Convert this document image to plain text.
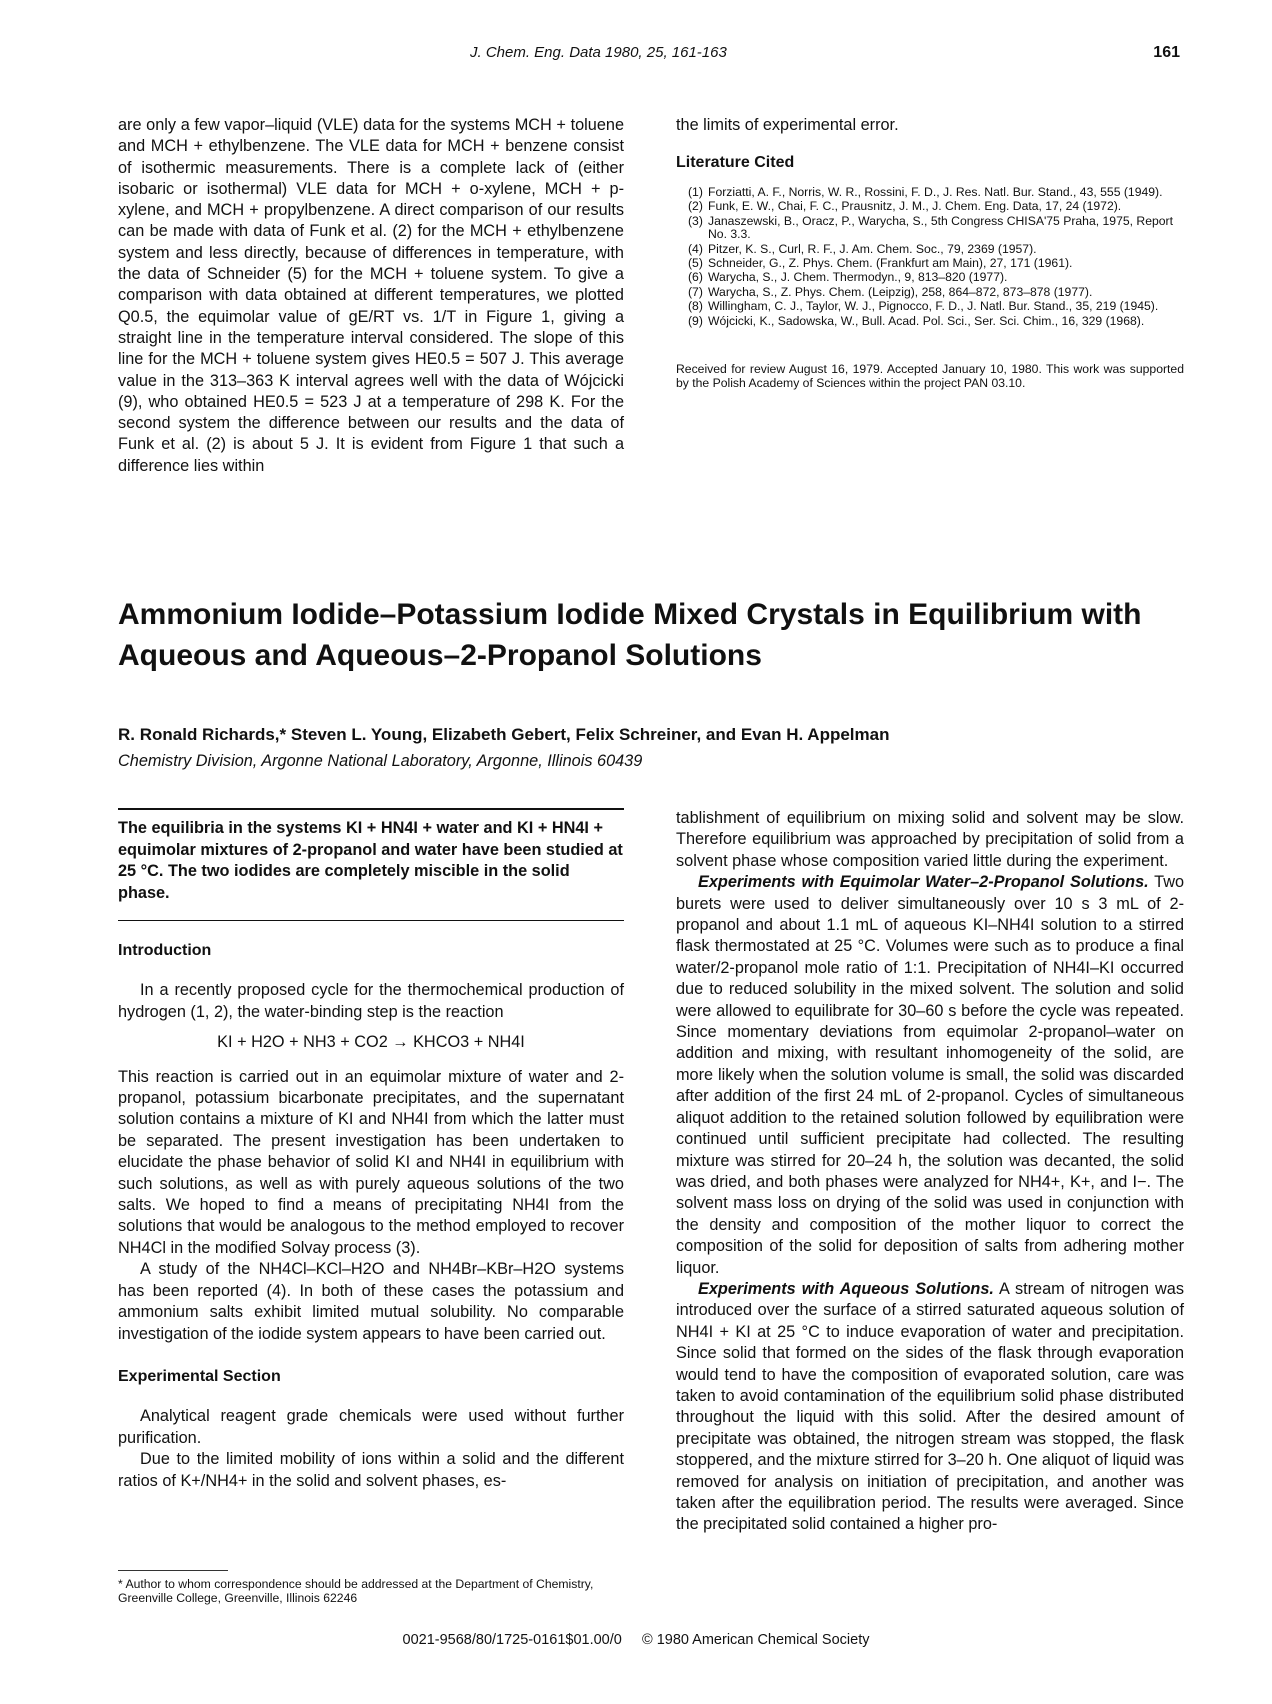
J. Chem. Eng. Data 1980, 25, 161-163	161
are only a few vapor–liquid (VLE) data for the systems MCH + toluene and MCH + ethylbenzene. The VLE data for MCH + benzene consist of isothermic measurements. There is a complete lack of (either isobaric or isothermal) VLE data for MCH + o-xylene, MCH + p-xylene, and MCH + propylbenzene. A direct comparison of our results can be made with data of Funk et al. (2) for the MCH + ethylbenzene system and less directly, because of differences in temperature, with the data of Schneider (5) for the MCH + toluene system. To give a comparison with data obtained at different temperatures, we plotted Q0.5, the equimolar value of gE/RT vs. 1/T in Figure 1, giving a straight line in the temperature interval considered. The slope of this line for the MCH + toluene system gives HE0.5 = 507 J. This average value in the 313–363 K interval agrees well with the data of Wójcicki (9), who obtained HE0.5 = 523 J at a temperature of 298 K. For the second system the difference between our results and the data of Funk et al. (2) is about 5 J. It is evident from Figure 1 that such a difference lies within
the limits of experimental error.
Literature Cited
(1) Forziatti, A. F., Norris, W. R., Rossini, F. D., J. Res. Natl. Bur. Stand., 43, 555 (1949).
(2) Funk, E. W., Chai, F. C., Prausnitz, J. M., J. Chem. Eng. Data, 17, 24 (1972).
(3) Janaszewski, B., Oracz, P., Warycha, S., 5th Congress CHISA'75 Praha, 1975, Report No. 3.3.
(4) Pitzer, K. S., Curl, R. F., J. Am. Chem. Soc., 79, 2369 (1957).
(5) Schneider, G., Z. Phys. Chem. (Frankfurt am Main), 27, 171 (1961).
(6) Warycha, S., J. Chem. Thermodyn., 9, 813–820 (1977).
(7) Warycha, S., Z. Phys. Chem. (Leipzig), 258, 864–872, 873–878 (1977).
(8) Willingham, C. J., Taylor, W. J., Pignocco, F. D., J. Natl. Bur. Stand., 35, 219 (1945).
(9) Wójcicki, K., Sadowska, W., Bull. Acad. Pol. Sci., Ser. Sci. Chim., 16, 329 (1968).
Received for review August 16, 1979. Accepted January 10, 1980. This work was supported by the Polish Academy of Sciences within the project PAN 03.10.
Ammonium Iodide–Potassium Iodide Mixed Crystals in Equilibrium with Aqueous and Aqueous–2-Propanol Solutions
R. Ronald Richards,* Steven L. Young, Elizabeth Gebert, Felix Schreiner, and Evan H. Appelman
Chemistry Division, Argonne National Laboratory, Argonne, Illinois 60439
The equilibria in the systems KI + HN4I + water and KI + HN4I + equimolar mixtures of 2-propanol and water have been studied at 25 °C. The two iodides are completely miscible in the solid phase.
Introduction

In a recently proposed cycle for the thermochemical production of hydrogen (1, 2), the water-binding step is the reaction

KI + H2O + NH3 + CO2 → KHCO3 + NH4I

This reaction is carried out in an equimolar mixture of water and 2-propanol, potassium bicarbonate precipitates, and the supernatant solution contains a mixture of KI and NH4I from which the latter must be separated. The present investigation has been undertaken to elucidate the phase behavior of solid KI and NH4I in equilibrium with such solutions, as well as with purely aqueous solutions of the two salts. We hoped to find a means of precipitating NH4I from the solutions that would be analogous to the method employed to recover NH4Cl in the modified Solvay process (3).

A study of the NH4Cl–KCl–H2O and NH4Br–KBr–H2O systems has been reported (4). In both of these cases the potassium and ammonium salts exhibit limited mutual solubility. No comparable investigation of the iodide system appears to have been carried out.

Experimental Section

Analytical reagent grade chemicals were used without further purification.

Due to the limited mobility of ions within a solid and the different ratios of K+/NH4+ in the solid and solvent phases, es-

* Author to whom correspondence should be addressed at the Department of Chemistry, Greenville College, Greenville, Illinois 62246

tablishment of equilibrium on mixing solid and solvent may be slow. Therefore equilibrium was approached by precipitation of solid from a solvent phase whose composition varied little during the experiment.

Experiments with Equimolar Water–2-Propanol Solutions. Two burets were used to deliver simultaneously over 10 s 3 mL of 2-propanol and about 1.1 mL of aqueous KI–NH4I solution to a stirred flask thermostated at 25 °C. Volumes were such as to produce a final water/2-propanol mole ratio of 1:1. Precipitation of NH4I–KI occurred due to reduced solubility in the mixed solvent. The solution and solid were allowed to equilibrate for 30–60 s before the cycle was repeated. Since momentary deviations from equimolar 2-propanol–water on addition and mixing, with resultant inhomogeneity of the solid, are more likely when the solution volume is small, the solid was discarded after addition of the first 24 mL of 2-propanol. Cycles of simultaneous aliquot addition to the retained solution followed by equilibration were continued until sufficient precipitate had collected. The resulting mixture was stirred for 20–24 h, the solution was decanted, the solid was dried, and both phases were analyzed for NH4+, K+, and I−. The solvent mass loss on drying of the solid was used in conjunction with the density and composition of the mother liquor to correct the composition of the solid for deposition of salts from adhering mother liquor.

Experiments with Aqueous Solutions. A stream of nitrogen was introduced over the surface of a stirred saturated aqueous solution of NH4I + KI at 25 °C to induce evaporation of water and precipitation. Since solid that formed on the sides of the flask through evaporation would tend to have the composition of evaporated solution, care was taken to avoid contamination of the equilibrium solid phase distributed throughout the liquid with this solid. After the desired amount of precipitate was obtained, the nitrogen stream was stopped, the flask stoppered, and the mixture stirred for 3–20 h. One aliquot of liquid was removed for analysis on initiation of precipitation, and another was taken after the equilibration period. The results were averaged. Since the precipitated solid contained a higher pro-

0021-9568/80/1725-0161$01.00/0 © 1980 American Chemical Society
